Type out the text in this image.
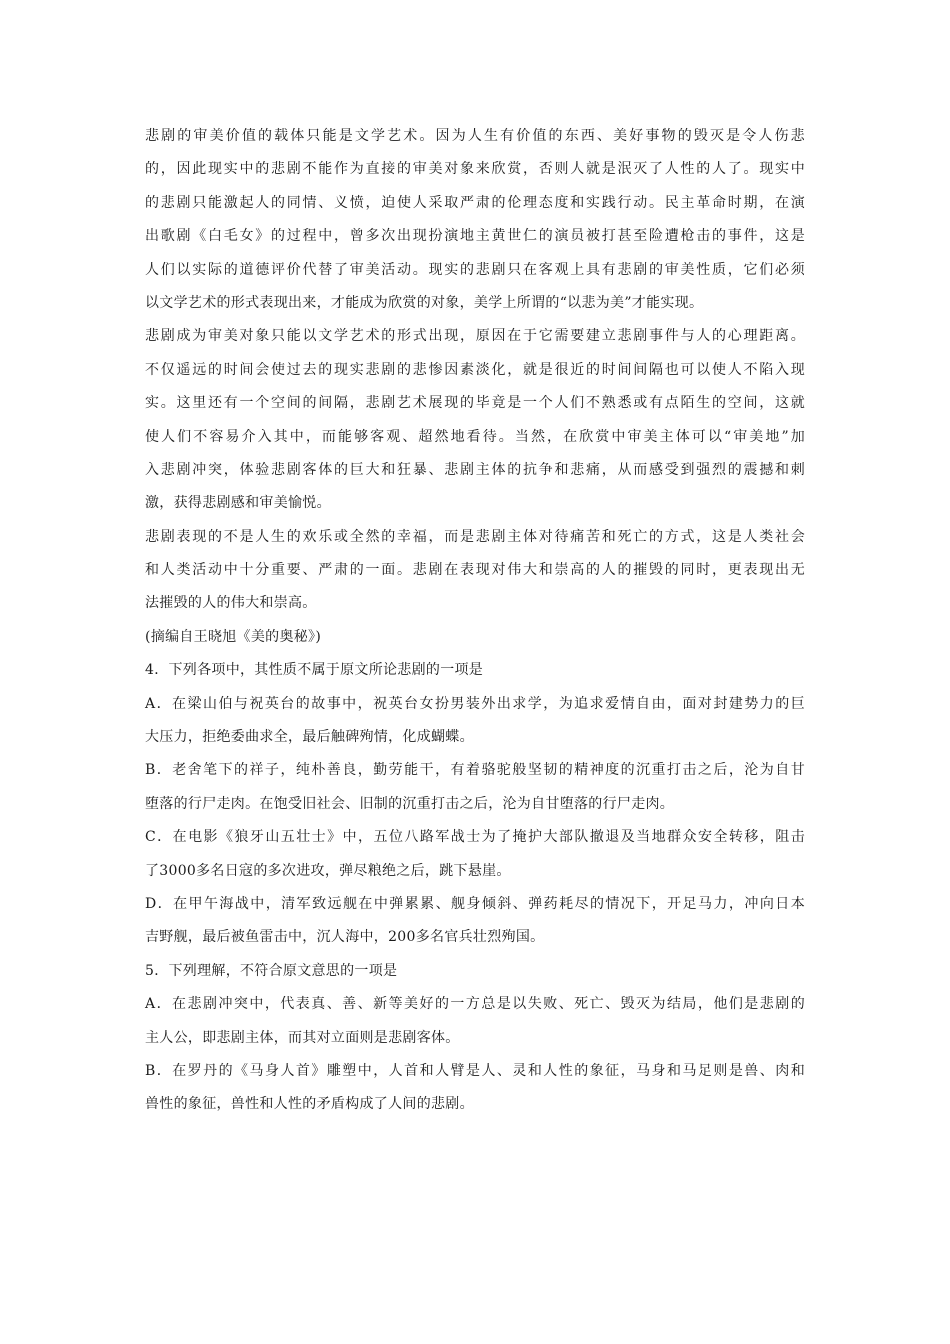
悲剧的审美价值的载体只能是文学艺术。因为人生有价值的东西、美好事物的毁灭是令人伤悲
的，因此现实中的悲剧不能作为直接的审美对象来欣赏，否则人就是泯灭了人性的人了。现实中
的悲剧只能激起人的同情、义愤，迫使人采取严肃的伦理态度和实践行动。民主革命时期，在演
出歌剧《白毛女》的过程中，曾多次出现扮演地主黄世仁的演员被打甚至险遭枪击的事件，这是
人们以实际的道德评价代替了审美活动。现实的悲剧只在客观上具有悲剧的审美性质，它们必须
以文学艺术的形式表现出来，才能成为欣赏的对象，美学上所谓的“以悲为美”才能实现。
悲剧成为审美对象只能以文学艺术的形式出现，原因在于它需要建立悲剧事件与人的心理距离。
不仅遥远的时间会使过去的现实悲剧的悲惨因素淡化，就是很近的时间间隔也可以使人不陷入现
实。这里还有一个空间的间隔，悲剧艺术展现的毕竟是一个人们不熟悉或有点陌生的空间，这就
使人们不容易介入其中，而能够客观、超然地看待。当然，在欣赏中审美主体可以“审美地”加
入悲剧冲突，体验悲剧客体的巨大和狂暴、悲剧主体的抗争和悲痛，从而感受到强烈的震撼和刺
激，获得悲剧感和审美愉悦。
悲剧表现的不是人生的欢乐或全然的幸福，而是悲剧主体对待痛苦和死亡的方式，这是人类社会
和人类活动中十分重要、严肃的一面。悲剧在表现对伟大和崇高的人的摧毁的同时，更表现出无
法摧毁的人的伟大和崇高。
(摘编自王晓旭《美的奥秘》)
4．下列各项中，其性质不属于原文所论悲剧的一项是
A．在梁山伯与祝英台的故事中，祝英台女扮男装外出求学，为追求爱情自由，面对封建势力的巨
大压力，拒绝委曲求全，最后触碑殉情，化成蝴蝶。
B．老舍笔下的祥子，纯朴善良，勤劳能干，有着骆驼般坚韧的精神度的沉重打击之后，沦为自甘
堕落的行尸走肉。在饱受旧社会、旧制的沉重打击之后，沦为自甘堕落的行尸走肉。
C．在电影《狼牙山五壮士》中，五位八路军战士为了掩护大部队撤退及当地群众安全转移，阻击
了3000多名日寇的多次进攻，弹尽粮绝之后，跳下悬崖。
D．在甲午海战中，清军致远舰在中弹累累、舰身倾斜、弹药耗尽的情况下，开足马力，冲向日本
吉野舰，最后被鱼雷击中，沉人海中，200多名官兵壮烈殉国。
5．下列理解，不符合原文意思的一项是
A．在悲剧冲突中，代表真、善、新等美好的一方总是以失败、死亡、毁灭为结局，他们是悲剧的
主人公，即悲剧主体，而其对立面则是悲剧客体。
B．在罗丹的《马身人首》雕塑中，人首和人臂是人、灵和人性的象征，马身和马足则是兽、肉和
兽性的象征，兽性和人性的矛盾构成了人间的悲剧。
